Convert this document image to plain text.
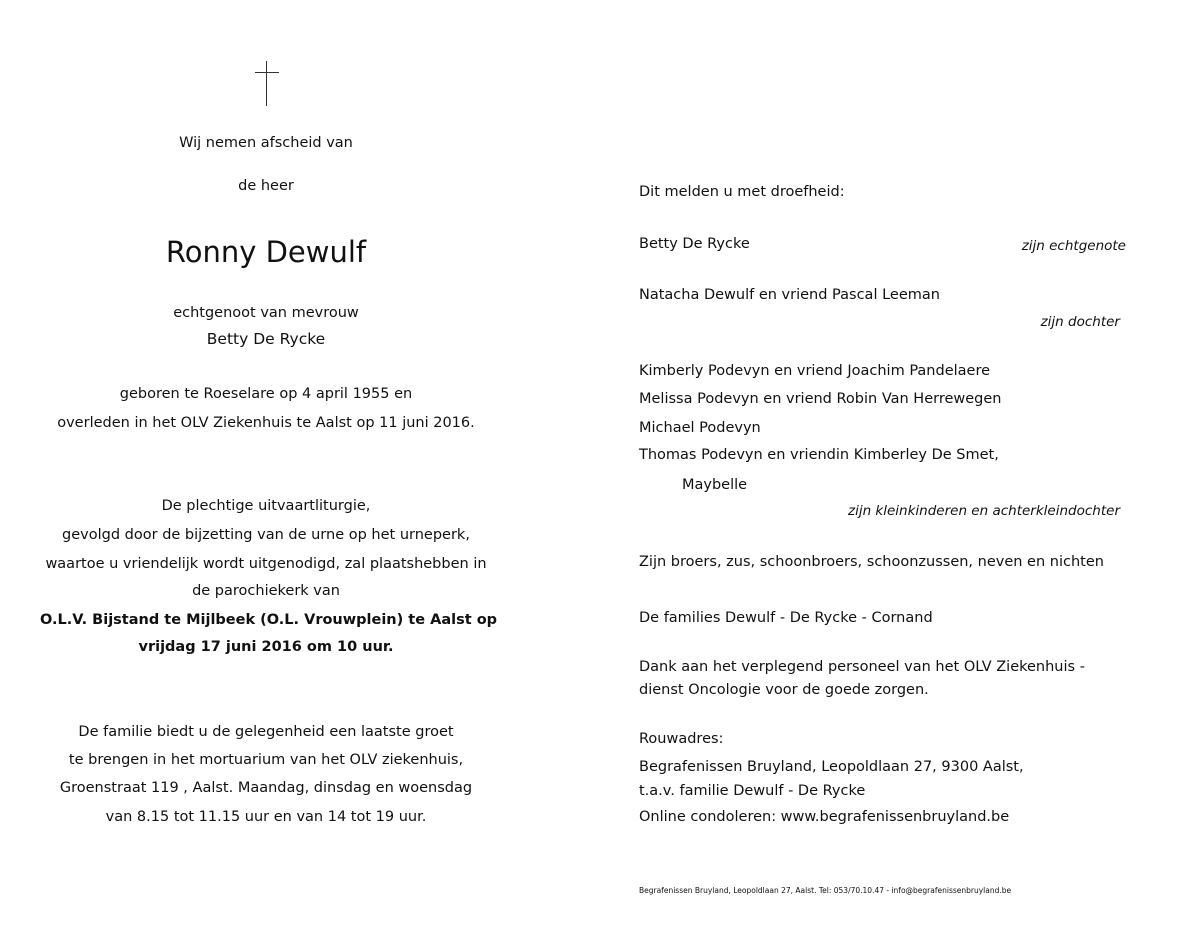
Wij nemen afscheid van
de heer
Ronny Dewulf
echtgenoot van mevrouw
Betty De Rycke
geboren te Roeselare op 4 april 1955 en
overleden in het OLV Ziekenhuis te Aalst op 11 juni 2016.
De plechtige uitvaartliturgie,
gevolgd door de bijzetting van de urne op het urneperk,
waartoe u vriendelijk wordt uitgenodigd, zal plaatshebben in
de parochiekerk van
O.L.V. Bijstand te Mijlbeek (O.L. Vrouwplein) te Aalst op
vrijdag 17 juni 2016 om 10 uur.
De familie biedt u de gelegenheid een laatste groet
te brengen in het mortuarium van het OLV ziekenhuis,
Groenstraat 119 , Aalst. Maandag, dinsdag en woensdag
van 8.15 tot 11.15 uur en van 14 tot 19 uur.
Dit melden u met droefheid:
Betty De Rycke	zijn echtgenote
Natacha Dewulf en vriend Pascal Leeman
zijn dochter
Kimberly Podevyn en vriend Joachim Pandelaere
Melissa Podevyn en vriend Robin Van Herrewegen
Michael Podevyn
Thomas Podevyn en vriendin Kimberley De Smet,
Maybelle
zijn kleinkinderen en achterkleindochter
Zijn broers, zus, schoonbroers, schoonzussen, neven en nichten
De families Dewulf - De Rycke - Cornand
Dank aan het verplegend personeel van het OLV Ziekenhuis -
dienst Oncologie voor de goede zorgen.
Rouwadres:
Begrafenissen Bruyland, Leopoldlaan 27, 9300 Aalst,
t.a.v. familie Dewulf - De Rycke
Online condoleren: www.begrafenissenbruyland.be
Begrafenissen Bruyland, Leopoldlaan 27, Aalst. Tel: 053/70.10.47 - info@begrafenissenbruyland.be
